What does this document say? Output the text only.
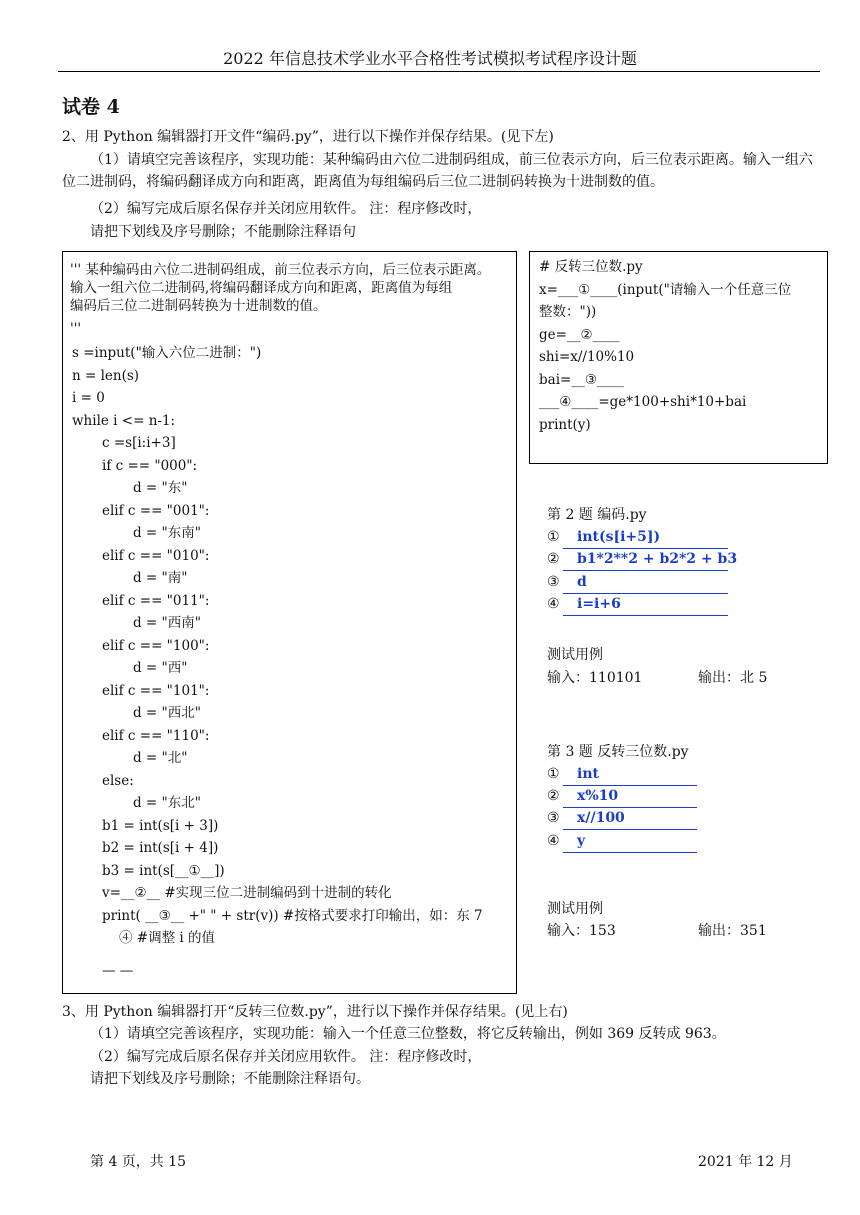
2022 年信息技术学业水平合格性考试模拟考试程序设计题
试卷 4
2、用 Python 编辑器打开文件“编码.py”，进行以下操作并保存结果。(见下左)
（1）请填空完善该程序，实现功能：某种编码由六位二进制码组成，前三位表示方向，后三位表示距离。输入一组六位二进制码，将编码翻译成方向和距离，距离值为每组编码后三位二进制码转换为十进制数的值。
（2）编写完成后原名保存并关闭应用软件。 注：程序修改时，
请把下划线及序号删除；不能删除注释语句
''' 某种编码由六位二进制码组成，前三位表示方向，后三位表示距离。
输入一组六位二进制码,将编码翻译成方向和距离，距离值为每组
编码后三位二进制码转换为十进制数的值。
'''
s =input("输入六位二进制：")
n = len(s)
i = 0
while i <= n-1:
c =s[i:i+3]
if c == "000":
d = "东"
elif c == "001":
d = "东南"
elif c == "010":
d = "南"
elif c == "011":
d = "西南"
elif c == "100":
d = "西"
elif c == "101":
d = "西北"
elif c == "110":
d = "北"
else:
d = "东北"
b1 = int(s[i + 3])
b2 = int(s[i + 4])
b3 = int(s[__①__])
v=__②__ #实现三位二进制编码到十进制的转化
print( __③__ +" " + str(v)) #按格式要求打印输出，如：东 7
④ #调整 i 的值
— —
# 反转三位数.py
x=___①____(input("请输入一个任意三位
整数："))
ge=__②____
shi=x//10%10
bai=__③____
___④____=ge*100+shi*10+bai
print(y)
第 2 题 编码.py
① int(s[i+5])
② b1*2**2 + b2*2 + b3
③ d
④ i=i+6
测试用例
输入：110101	输出：北 5
第 3 题 反转三位数.py
① int
② x%10
③ x//100
④ y
测试用例
输入：153	输出：351
3、用 Python 编辑器打开“反转三位数.py”，进行以下操作并保存结果。(见上右)
（1）请填空完善该程序，实现功能：输入一个任意三位整数，将它反转输出，例如 369 反转成 963。
（2）编写完成后原名保存并关闭应用软件。 注：程序修改时，
请把下划线及序号删除；不能删除注释语句。
第 4 页，共 15	2021 年 12 月
